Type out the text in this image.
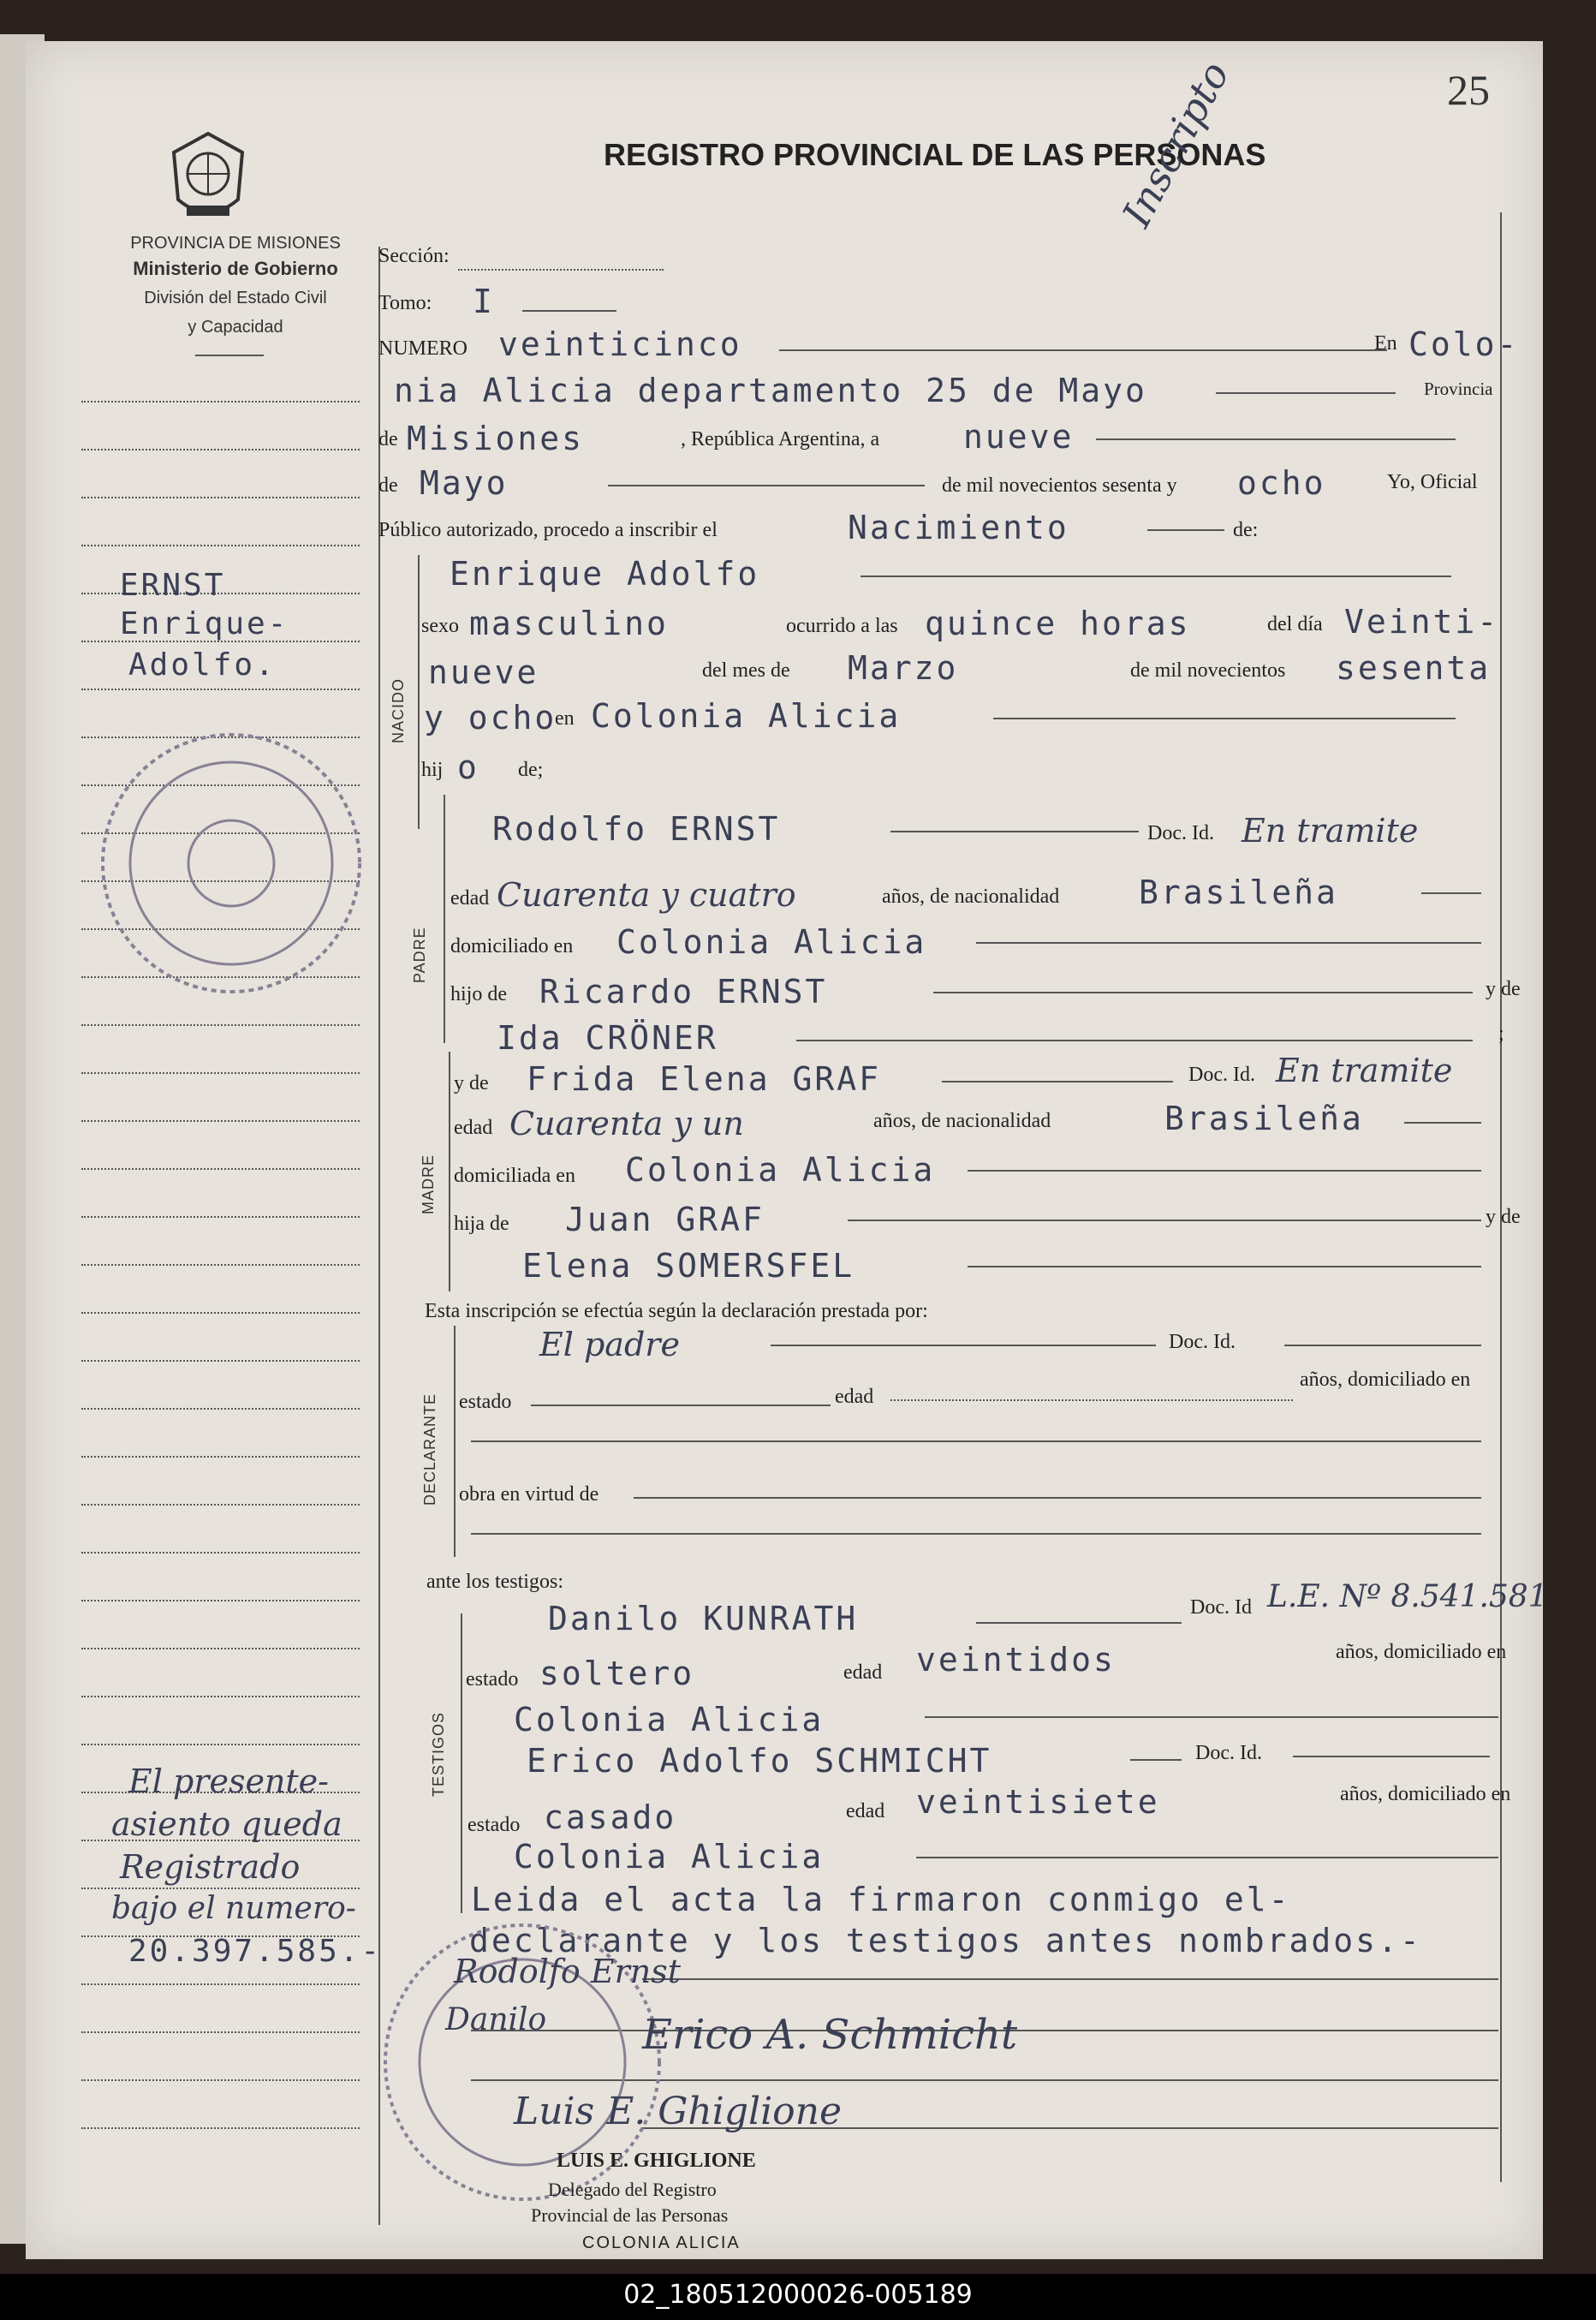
PROVINCIA DE MISIONES
Ministerio de Gobierno
División del Estado Civil
y Capacidad
ERNST
Enrique-
Adolfo.
El presente-
asiento queda
Registrado
bajo el numero-
20.397.585.-
REGISTRO PROVINCIAL DE LAS PERSONAS
25
Inscripto
Sección:
Tomo: I
NUMERO veinticinco	En Colo-
nia Alicia departamento 25 de Mayo	Provincia
de Misiones	, República Argentina, a	nueve
de Mayo	de mil novecientos sesenta y ocho	Yo, Oficial
Público autorizado, procedo a inscribir el	Nacimiento	de:
NACIDO
Enrique Adolfo
sexo masculino	ocurrido a las quince horas	del día Veinti-
nueve	del mes de Marzo	de mil novecientos sesenta
y ocho
en Colonia Alicia
hij o de;
PADRE
Rodolfo ERNST	Doc. Id. En tramite
edad Cuarenta y cuatro	años, de nacionalidad Brasileña
domiciliado en Colonia Alicia
hijo de Ricardo ERNST	y de
Ida CRÖNER	;
MADRE
y de Frida Elena GRAF	Doc. Id. En tramite
edad Cuarenta y un	años, de nacionalidad	Brasileña
domiciliada en Colonia Alicia
hija de Juan GRAF	y de
Elena SOMERSFEL
Esta inscripción se efectúa según la declaración prestada por:
DECLARANTE
El padre	Doc. Id.
estado	edad
años, domiciliado en
obra en virtud de
ante los testigos:
TESTIGOS
Danilo KUNRATH	Doc. Id L.E. Nº 8.541.581
estado soltero	edad veintidos	años, domiciliado en
Colonia Alicia
Erico Adolfo SCHMICHT	Doc. Id.
estado casado	edad veintisiete	años, domiciliado en
Colonia Alicia
Leida el acta la firmaron conmigo el-
declarante y los testigos antes nombrados.-
Rodolfo Ernst
Danilo Erico A. Schmicht
Luis E. Ghiglione
LUIS E. GHIGLIONE
Delegado del Registro
Provincial de las Personas
COLONIA ALICIA
02_180512000026-005189
